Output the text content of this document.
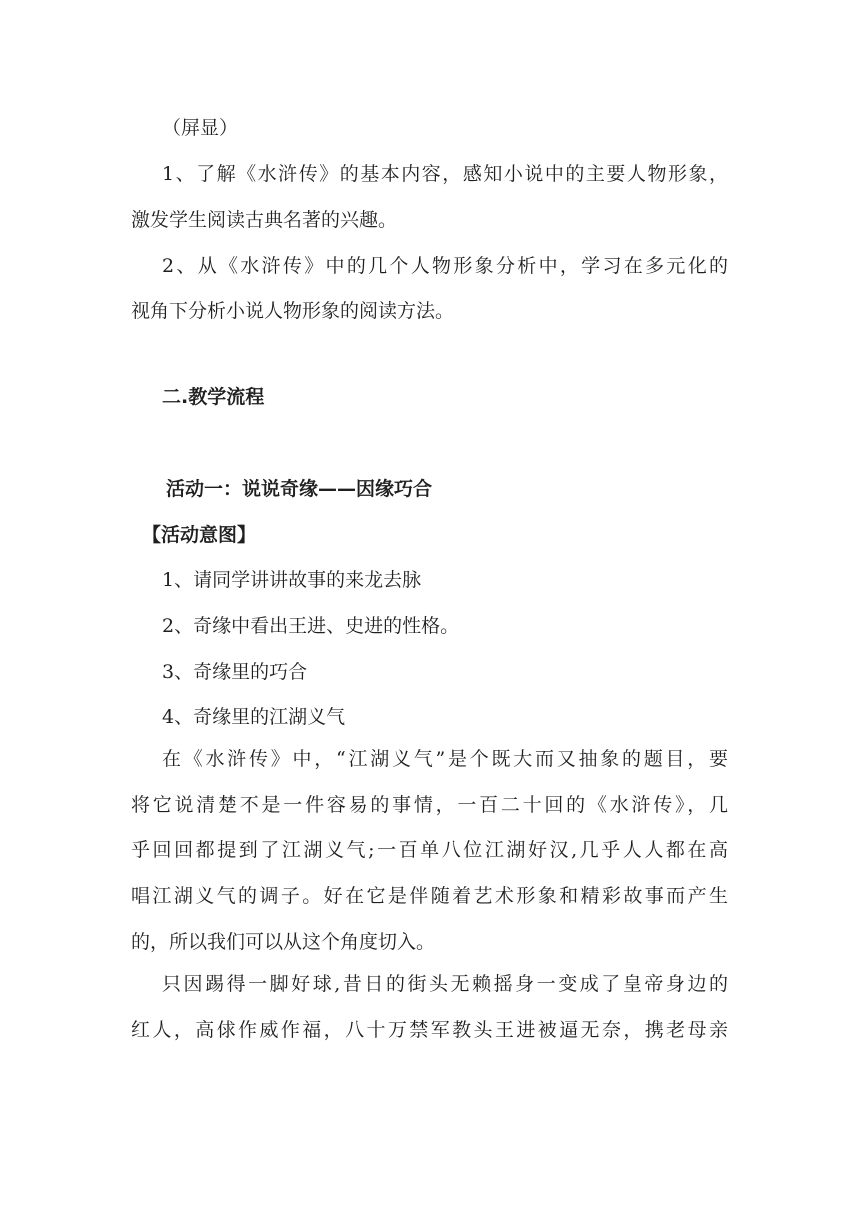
（屏显）
1、了解《水浒传》的基本内容，感知小说中的主要人物形象，
激发学生阅读古典名著的兴趣。
2、从《水浒传》中的几个人物形象分析中，学习在多元化的
视角下分析小说人物形象的阅读方法。
二.教学流程
活动一：说说奇缘——因缘巧合
【活动意图】
1、请同学讲讲故事的来龙去脉
2、奇缘中看出王进、史进的性格。
3、奇缘里的巧合
4、奇缘里的江湖义气
在《水浒传》中，“江湖义气”是个既大而又抽象的题目，要
将它说清楚不是一件容易的事情，一百二十回的《水浒传》，几
乎回回都提到了江湖义气;一百单八位江湖好汉,几乎人人都在高
唱江湖义气的调子。好在它是伴随着艺术形象和精彩故事而产生
的，所以我们可以从这个角度切入。
只因踢得一脚好球,昔日的街头无赖摇身一变成了皇帝身边的
红人，高俅作威作福，八十万禁军教头王进被逼无奈，携老母亲
